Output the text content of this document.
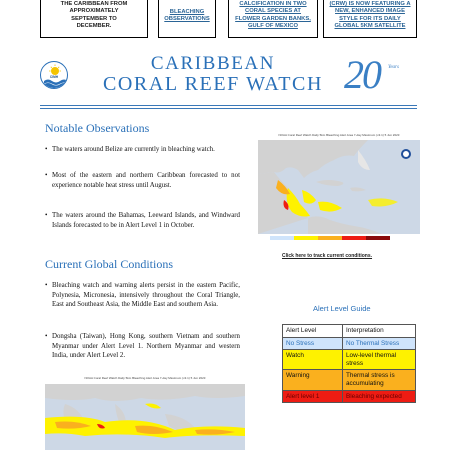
THE CARIBBEAN FROM
APPROXIMATELY
SEPTEMBER TO
DECEMBER.
BLEACHING
OBSERVATIONS
CALCIFICATION IN TWO
CORAL SPECIES AT
FLOWER GARDEN BANKS,
GULF OF MEXICO
(CRW) IS NOW FEATURING A
NEW, ENHANCED IMAGE
STYLE FOR ITS DAILY
GLOBAL 5KM SATELLITE
CIMH
CARIBBEAN
CORAL REEF WATCH 20 Years
Notable Observations
• The waters around Belize are currently in bleaching watch.
• Most of the eastern and northern Caribbean forecasted to not experience notable heat stress until August.
• The waters around the Bahamas, Leeward Islands, and Windward Islands forecasted to be in Alert Level 1 in October.
NOAA Coral Reef Watch Daily 5km Bleaching Alert Area 7-day Maximum (v3.1) 5 Jun 2023
Click here to track current conditions.
Current Global Conditions
• Bleaching watch and warning alerts persist in the eastern Pacific, Polynesia, Micronesia, intensively throughout the Coral Triangle, East and Southeast Asia, the Middle East and southern Asia.
• Dongsha (Taiwan), Hong Kong, southern Vietnam and southern Myanmar under Alert Level 1. Northern Myanmar and western India, under Alert Level 2.
NOAA Coral Reef Watch Daily 5km Bleaching Alert Area 7-day Maximum (v3.1) 5 Jun 2023
Alert Level Guide
Alert Level	Interpretation
No Stress	No Thermal Stress
Watch	Low-level thermal stress
Warning	Thermal stress is accumulating
Alert level 1	Bleaching expected
